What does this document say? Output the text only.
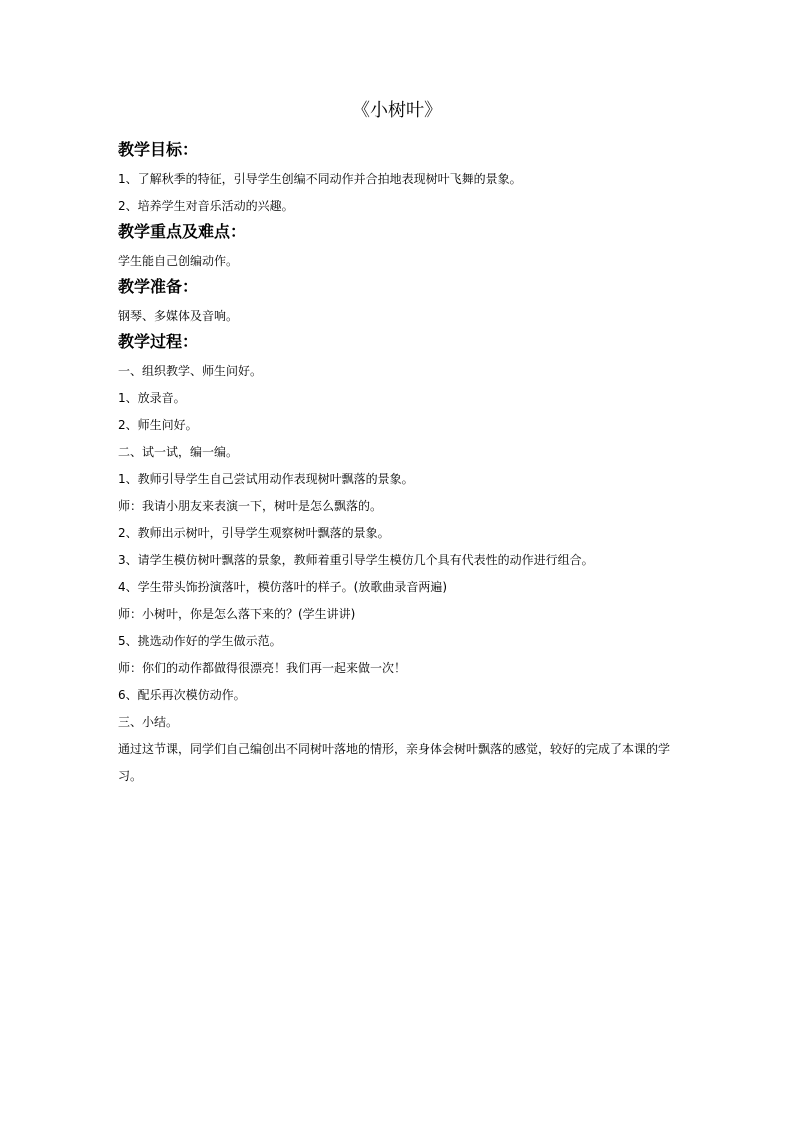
《小树叶》
教学目标：

1、了解秋季的特征，引导学生创编不同动作并合拍地表现树叶飞舞的景象。

2、培养学生对音乐活动的兴趣。

教学重点及难点：

学生能自己创编动作。

教学准备：

钢琴、多媒体及音响。

教学过程：

一、组织教学、师生问好。

1、放录音。

2、师生问好。

二、试一试，编一编。

1、教师引导学生自己尝试用动作表现树叶飘落的景象。

师：我请小朋友来表演一下，树叶是怎么飘落的。

2、教师出示树叶，引导学生观察树叶飘落的景象。

3、请学生模仿树叶飘落的景象，教师着重引导学生模仿几个具有代表性的动作进行组合。

4、学生带头饰扮演落叶，模仿落叶的样子。(放歌曲录音两遍)

师：小树叶，你是怎么落下来的？(学生讲讲)

5、挑选动作好的学生做示范。

师：你们的动作都做得很漂亮！我们再一起来做一次！

6、配乐再次模仿动作。

三、小结。

通过这节课，同学们自己编创出不同树叶落地的情形，亲身体会树叶飘落的感觉，较好的完成了本课的学习。
